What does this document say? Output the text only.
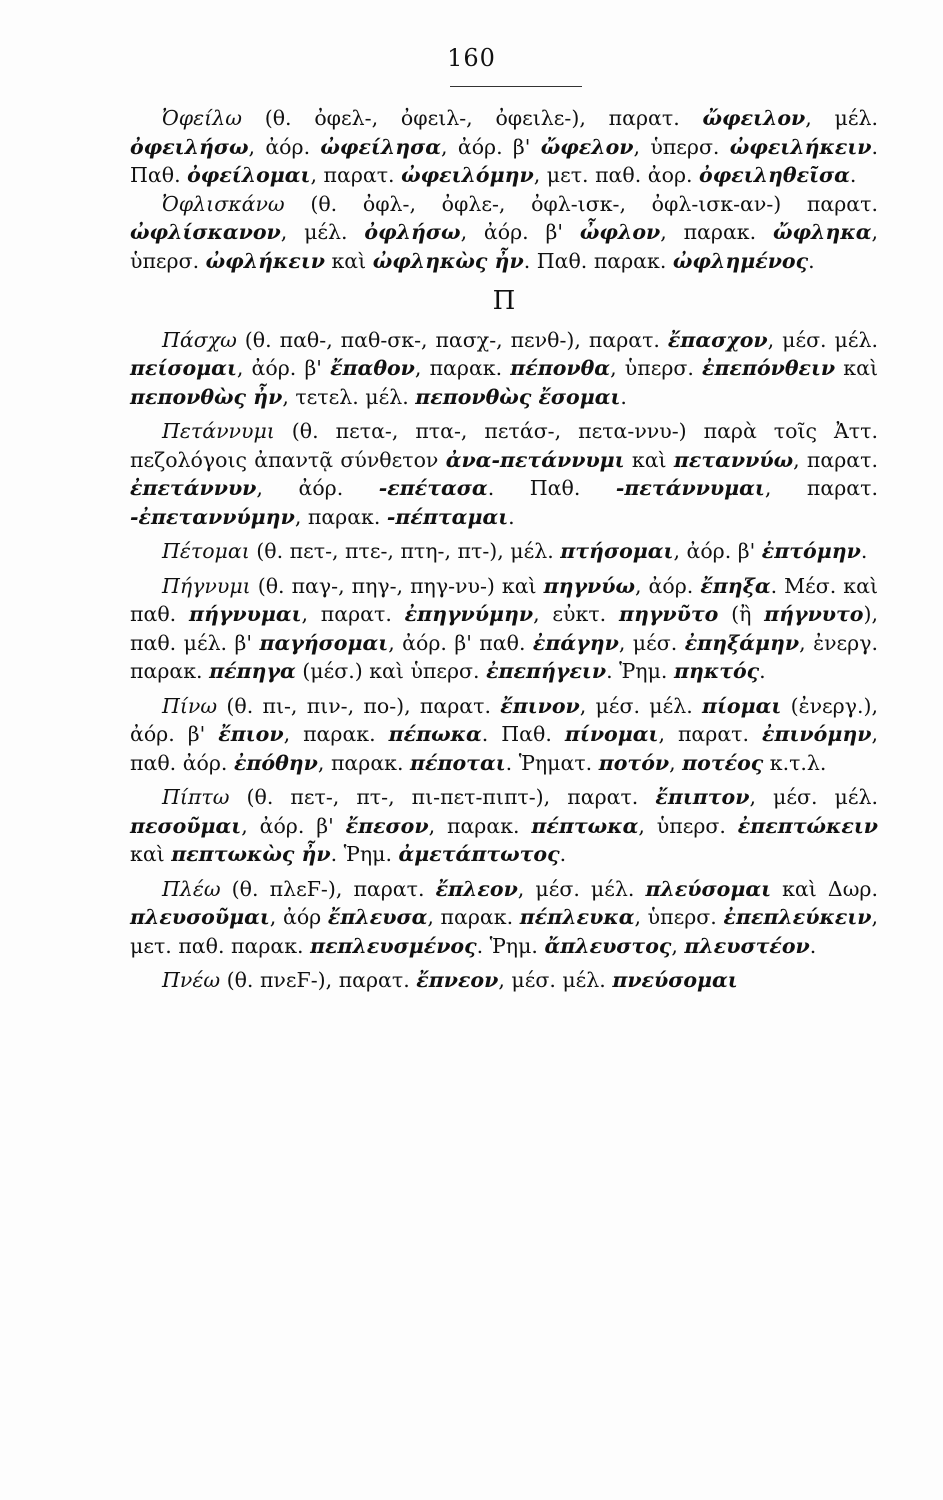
160

Ὀφείλω (θ. ὀφελ-, ὀφειλ-, ὀφειλε-), παρατ. ὤφειλον, μέλ. ὀφειλήσω, ἀόρ. ὠφείλησα, ἀόρ. β' ὤφελον, ὑπερσ. ὠφειλήκειν. Παθ. ὀφείλομαι, παρατ. ὠφειλόμην, μετ. παθ. ἀορ. ὀφειληθεῖσα.

Ὀφλισκάνω (θ. ὀφλ-, ὀφλε-, ὀφλ-ισκ-, ὀφλ-ισκ-αν-) παρατ. ὠφλίσκανον, μέλ. ὀφλήσω, ἀόρ. β' ὦφλον, παρακ. ὤφληκα, ὑπερσ. ὠφλήκειν καὶ ὠφληκὼς ἦν. Παθ. παρακ. ὠφλημένος.

Π

Πάσχω (θ. παθ-, παθ-σκ-, πασχ-, πενθ-), παρατ. ἔπασχον, μέσ. μέλ. πείσομαι, ἀόρ. β' ἔπαθον, παρακ. πέπονθα, ὑπερσ. ἐπεπόνθειν καὶ πεπονθὼς ἦν, τετελ. μέλ. πεπονθὼς ἔσομαι.

Πετάννυμι (θ. πετα-, πτα-, πετάσ-, πετα-ννυ-) παρὰ τοῖς Ἀττ. πεζολόγοις ἀπαντᾷ σύνθετον ἀνα-πετάννυμι καὶ πεταννύω, παρατ. ἐπετάννυν, ἀόρ. -επέτασα. Παθ. -πετάννυμαι, παρατ. -ἐπεταννύμην, παρακ. -πέπταμαι.

Πέτομαι (θ. πετ-, πτε-, πτη-, πτ-), μέλ. πτήσομαι, ἀόρ. β' ἐπτόμην.

Πήγνυμι (θ. παγ-, πηγ-, πηγ-νυ-) καὶ πηγνύω, ἀόρ. ἔπηξα. Μέσ. καὶ παθ. πήγνυμαι, παρατ. ἐπηγνύμην, εὐκτ. πηγνῦτο (ἢ πήγνυτο), παθ. μέλ. β' παγήσομαι, ἀόρ. β' παθ. ἐπάγην, μέσ. ἐπηξάμην, ἐνεργ. παρακ. πέπηγα (μέσ.) καὶ ὑπερσ. ἐπεπήγειν. Ῥημ. πηκτός.

Πίνω (θ. πι-, πιν-, πο-), παρατ. ἔπινον, μέσ. μέλ. πίομαι (ἐνεργ.), ἀόρ. β' ἔπιον, παρακ. πέπωκα. Παθ. πίνομαι, παρατ. ἐπινόμην, παθ. ἀόρ. ἐπόθην, παρακ. πέποται. Ῥηματ. ποτόν, ποτέος κ.τ.λ.

Πίπτω (θ. πετ-, πτ-, πι-πετ-πιπτ-), παρατ. ἔπιπτον, μέσ. μέλ. πεσοῦμαι, ἀόρ. β' ἔπεσον, παρακ. πέπτωκα, ὑπερσ. ἐπεπτώκειν καὶ πεπτωκὼς ἦν. Ῥημ. ἀμετάπτωτος.

Πλέω (θ. πλεϜ-), παρατ. ἔπλεον, μέσ. μέλ. πλεύσομαι καὶ Δωρ. πλευσοῦμαι, ἀόρ ἔπλευσα, παρακ. πέπλευκα, ὑπερσ. ἐπεπλεύκειν, μετ. παθ. παρακ. πεπλευσμένος. Ῥημ. ἄπλευστος, πλευστέον.

Πνέω (θ. πνεϜ-), παρατ. ἔπνεον, μέσ. μέλ. πνεύσομαι
